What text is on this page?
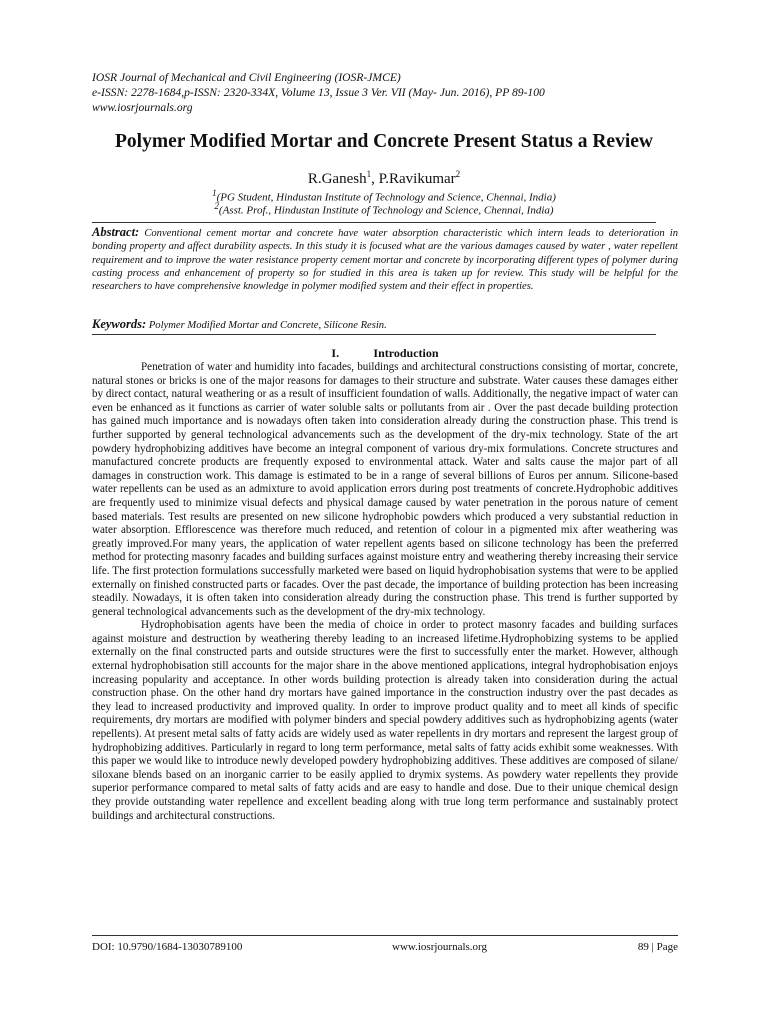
IOSR Journal of Mechanical and Civil Engineering (IOSR-JMCE)
e-ISSN: 2278-1684,p-ISSN: 2320-334X, Volume 13, Issue 3 Ver. VII (May- Jun. 2016), PP 89-100
www.iosrjournals.org
Polymer Modified Mortar and Concrete Present Status a Review
R.Ganesh$^1$, P.Ravikumar$^2$
$^1$(PG Student, Hindustan Institute of Technology and Science, Chennai, India)
$^2$(Asst. Prof., Hindustan Institute of Technology and Science, Chennai, India)
Abstract: Conventional cement mortar and concrete have water absorption characteristic which intern leads to deterioration in bonding property and affect durability aspects. In this study it is focused what are the various damages caused by water , water repellent requirement and to improve the water resistance property cement mortar and concrete by incorporating different types of polymer during casting process and enhancement of property so for studied in this area is taken up for review. This study will be helpful for the researchers to have comprehensive knowledge in polymer modified system and their effect in properties.
Keywords: Polymer Modified Mortar and Concrete, Silicone Resin.
I.	Introduction

Penetration of water and humidity into facades, buildings and architectural constructions consisting of mortar, concrete, natural stones or bricks is one of the major reasons for damages to their structure and substrate. Water causes these damages either by direct contact, natural weathering or as a result of insufficient foundation of walls. Additionally, the negative impact of water can even be enhanced as it functions as carrier of water soluble salts or pollutants from air . Over the past decade building protection has gained much importance and is nowadays often taken into consideration already during the construction phase. This trend is further supported by general technological advancements such as the development of the dry-mix technology. State of the art powdery hydrophobizing additives have become an integral component of various dry-mix formulations. Concrete structures and manufactured concrete products are frequently exposed to environmental attack. Water and salts cause the major part of all damages in construction work. This damage is estimated to be in a range of several billions of Euros per annum. Silicone-based water repellents can be used as an admixture to avoid application errors during post treatments of concrete.Hydrophobic additives are frequently used to minimize visual defects and physical damage caused by water penetration in the porous nature of cement based materials. Test results are presented on new silicone hydrophobic powders which produced a very substantial reduction in water absorption. Efflorescence was therefore much reduced, and retention of colour in a pigmented mix after weathering was greatly improved.For many years, the application of water repellent agents based on silicone technology has been the preferred method for protecting masonry facades and building surfaces against moisture entry and weathering thereby increasing their service life. The first protection formulations successfully marketed were based on liquid hydrophobisation systems that were to be applied externally on finished constructed parts or facades. Over the past decade, the importance of building protection has been increasing steadily. Nowadays, it is often taken into consideration already during the construction phase. This trend is further supported by general technological advancements such as the development of the dry-mix technology.

Hydrophobisation agents have been the media of choice in order to protect masonry facades and building surfaces against moisture and destruction by weathering thereby leading to an increased lifetime.Hydrophobizing systems to be applied externally on the final constructed parts and outside structures were the first to successfully enter the market. However, although external hydrophobisation still accounts for the major share in the above mentioned applications, integral hydrophobisation enjoys increasing popularity and acceptance. In other words building protection is already taken into consideration during the actual construction phase. On the other hand dry mortars have gained importance in the construction industry over the past decades as they lead to increased productivity and improved quality. In order to improve product quality and to meet all kinds of specific requirements, dry mortars are modified with polymer binders and special powdery additives such as hydrophobizing agents (water repellents). At present metal salts of fatty acids are widely used as water repellents in dry mortars and represent the largest group of hydrophobizing additives. Particularly in regard to long term performance, metal salts of fatty acids exhibit some weaknesses. With this paper we would like to introduce newly developed powdery hydrophobizing additives. These additives are composed of silane/ siloxane blends based on an inorganic carrier to be easily applied to drymix systems. As powdery water repellents they provide superior performance compared to metal salts of fatty acids and are easy to handle and dose. Due to their unique chemical design they provide outstanding water repellence and excellent beading along with true long term performance and sustainably protect buildings and architectural constructions.

DOI: 10.9790/1684-13030789100	www.iosrjournals.org	89 | Page
